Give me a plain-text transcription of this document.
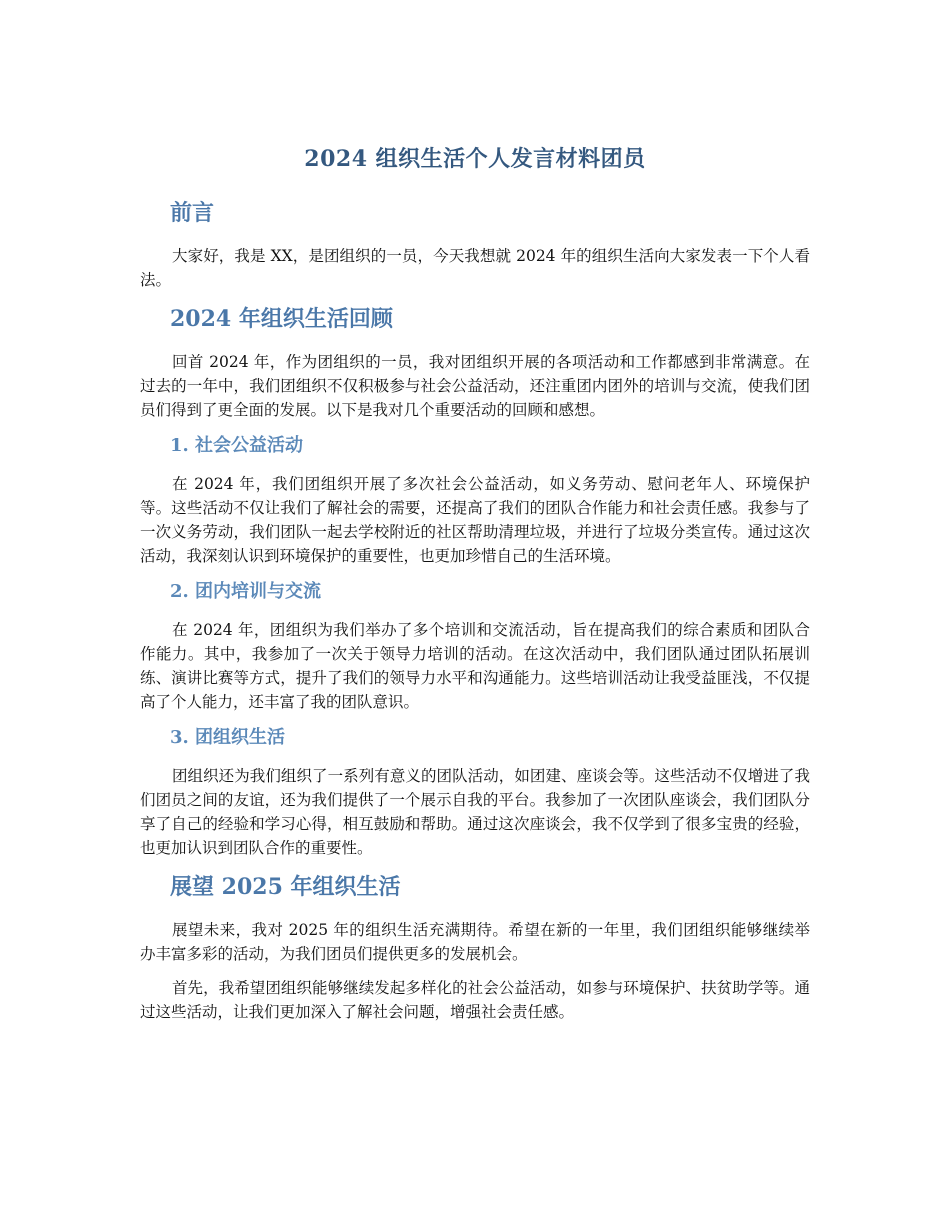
2024 组织生活个人发言材料团员
前言

大家好，我是 XX，是团组织的一员，今天我想就 2024 年的组织生活向大家发表一下个人看法。

2024 年组织生活回顾

回首 2024 年，作为团组织的一员，我对团组织开展的各项活动和工作都感到非常满意。在过去的一年中，我们团组织不仅积极参与社会公益活动，还注重团内团外的培训与交流，使我们团员们得到了更全面的发展。以下是我对几个重要活动的回顾和感想。

1. 社会公益活动

在 2024 年，我们团组织开展了多次社会公益活动，如义务劳动、慰问老年人、环境保护等。这些活动不仅让我们了解社会的需要，还提高了我们的团队合作能力和社会责任感。我参与了一次义务劳动，我们团队一起去学校附近的社区帮助清理垃圾，并进行了垃圾分类宣传。通过这次活动，我深刻认识到环境保护的重要性，也更加珍惜自己的生活环境。

2. 团内培训与交流

在 2024 年，团组织为我们举办了多个培训和交流活动，旨在提高我们的综合素质和团队合作能力。其中，我参加了一次关于领导力培训的活动。在这次活动中，我们团队通过团队拓展训练、演讲比赛等方式，提升了我们的领导力水平和沟通能力。这些培训活动让我受益匪浅，不仅提高了个人能力，还丰富了我的团队意识。

3. 团组织生活

团组织还为我们组织了一系列有意义的团队活动，如团建、座谈会等。这些活动不仅增进了我们团员之间的友谊，还为我们提供了一个展示自我的平台。我参加了一次团队座谈会，我们团队分享了自己的经验和学习心得，相互鼓励和帮助。通过这次座谈会，我不仅学到了很多宝贵的经验，也更加认识到团队合作的重要性。

展望 2025 年组织生活

展望未来，我对 2025 年的组织生活充满期待。希望在新的一年里，我们团组织能够继续举办丰富多彩的活动，为我们团员们提供更多的发展机会。

首先，我希望团组织能够继续发起多样化的社会公益活动，如参与环境保护、扶贫助学等。通过这些活动，让我们更加深入了解社会问题，增强社会责任感。
